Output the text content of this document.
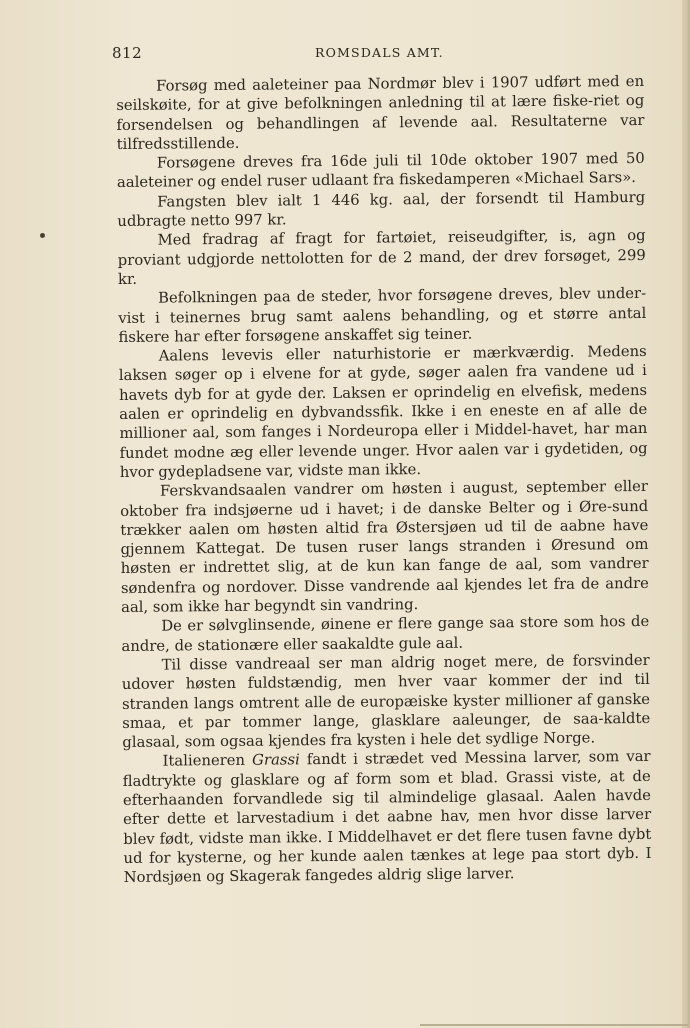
812	ROMSDALS AMT.

Forsøg med aaleteiner paa Nordmør blev i 1907 udført med en seilskøite, for at give befolkningen anledning til at lære fiske-riet og forsendelsen og behandlingen af levende aal. Resultaterne var tilfredsstillende.

Forsøgene dreves fra 16de juli til 10de oktober 1907 med 50 aaleteiner og endel ruser udlaant fra fiskedamperen «Michael Sars».

Fangsten blev ialt 1 446 kg. aal, der forsendt til Hamburg udbragte netto 997 kr.

Med fradrag af fragt for fartøiet, reiseudgifter, is, agn og proviant udgjorde nettolotten for de 2 mand, der drev forsøget, 299 kr.

Befolkningen paa de steder, hvor forsøgene dreves, blev under-vist i teinernes brug samt aalens behandling, og et større antal fiskere har efter forsøgene anskaffet sig teiner.

Aalens levevis eller naturhistorie er mærkværdig. Medens laksen søger op i elvene for at gyde, søger aalen fra vandene ud i havets dyb for at gyde der. Laksen er oprindelig en elvefisk, medens aalen er oprindelig en dybvandssfik. Ikke i en eneste en af alle de millioner aal, som fanges i Nordeuropa eller i Middel-havet, har man fundet modne æg eller levende unger. Hvor aalen var i gydetiden, og hvor gydepladsene var, vidste man ikke.

Ferskvandsaalen vandrer om høsten i august, september eller oktober fra indsjøerne ud i havet; i de danske Belter og i Øre-sund trækker aalen om høsten altid fra Østersjøen ud til de aabne have gjennem Kattegat. De tusen ruser langs stranden i Øresund om høsten er indrettet slig, at de kun kan fange de aal, som vandrer søndenfra og nordover. Disse vandrende aal kjendes let fra de andre aal, som ikke har begyndt sin vandring.

De er sølvglinsende, øinene er flere gange saa store som hos de andre, de stationære eller saakaldte gule aal.

Til disse vandreaal ser man aldrig noget mere, de forsvinder udover høsten fuldstændig, men hver vaar kommer der ind til stranden langs omtrent alle de europæiske kyster millioner af ganske smaa, et par tommer lange, glasklare aaleunger, de saa-kaldte glasaal, som ogsaa kjendes fra kysten i hele det sydlige Norge.

Italieneren Grassi fandt i strædet ved Messina larver, som var fladtrykte og glasklare og af form som et blad. Grassi viste, at de efterhaanden forvandlede sig til almindelige glasaal. Aalen havde efter dette et larvestadium i det aabne hav, men hvor disse larver blev født, vidste man ikke. I Middelhavet er det flere tusen favne dybt ud for kysterne, og her kunde aalen tænkes at lege paa stort dyb. I Nordsjøen og Skagerak fangedes aldrig slige larver.
